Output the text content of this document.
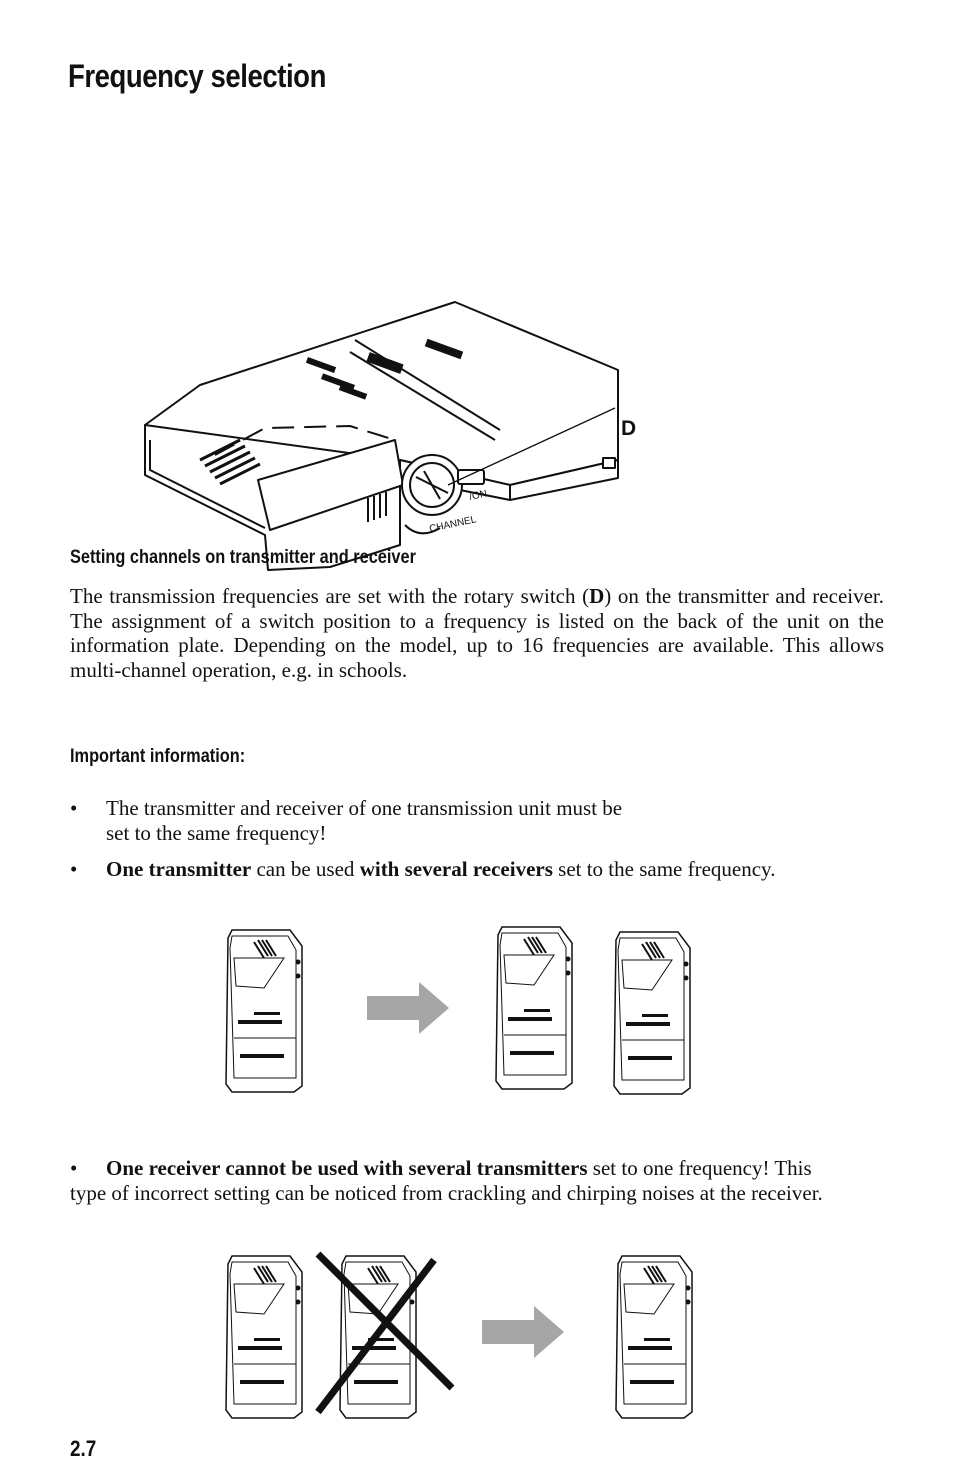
Frequency selection
CHANNEL
/ON
D
Setting channels on transmitter and receiver

The transmission frequencies are set with the rotary switch (D) on the transmitter and receiver. The assignment of a switch position to a frequency is listed on the back of the unit on the information plate. Depending on the model, up to 16 frequencies are available. This allows multi-channel operation, e.g. in schools.

Important information:
• The transmitter and receiver of one transmission unit must be
set to the same frequency!
• One transmitter can be used with several receivers set to the same frequency.
• One receiver cannot be used with several transmitters set to one frequency! This
type of incorrect setting can be noticed from crackling and chirping noises at the receiver.
2.7
